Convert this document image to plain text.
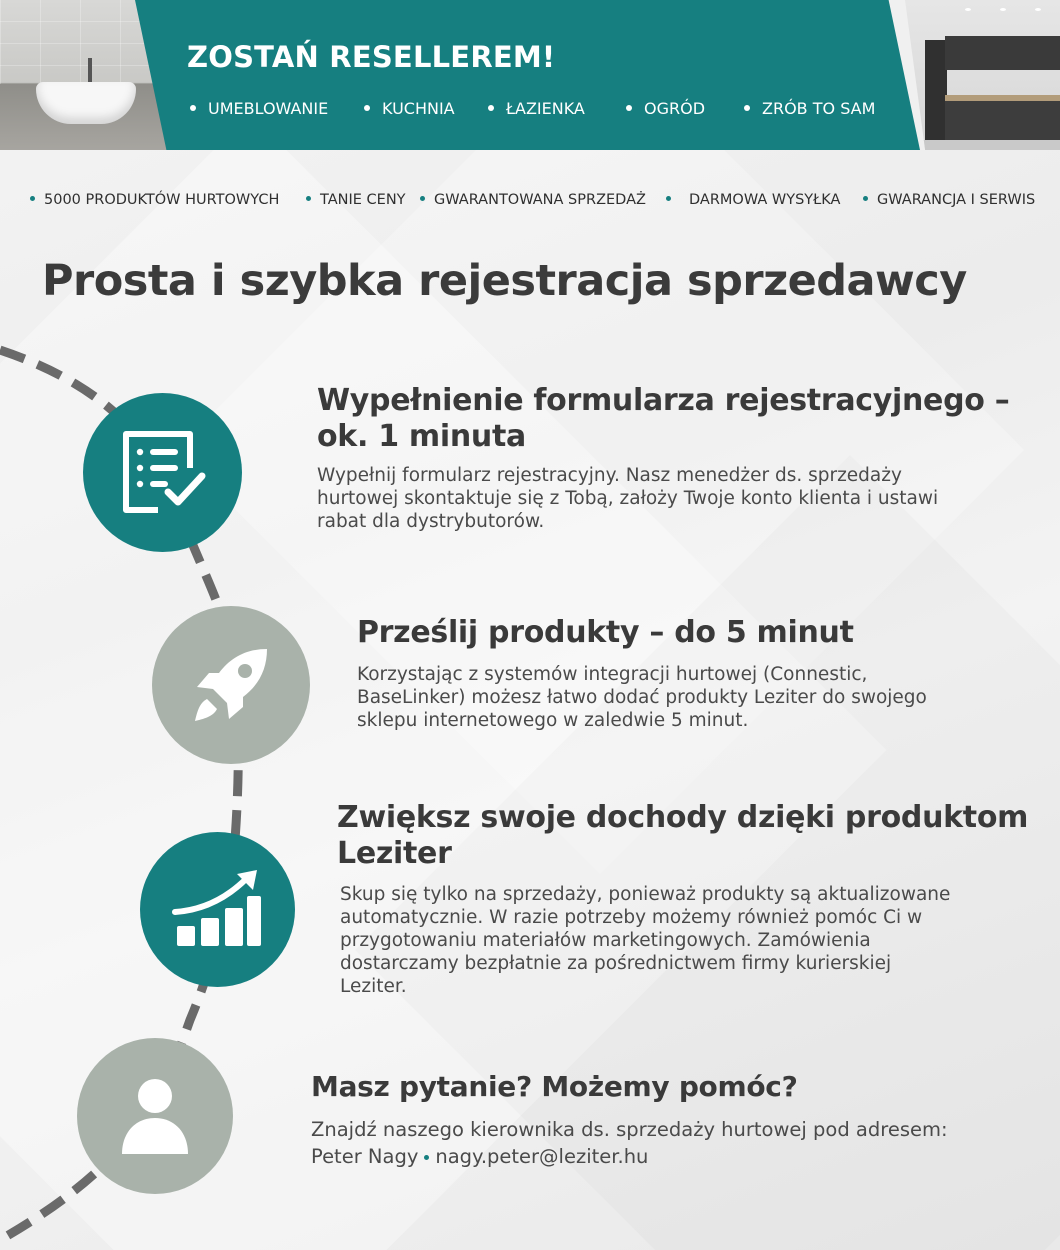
ZOSTAŃ RESELLEREM!
UMEBLOWANIE	KUCHNIA	ŁAZIENKA	OGRÓD	ZRÓB TO SAM
5000 PRODUKTÓW HURTOWYCH	TANIE CENY	GWARANTOWANA SPRZEDAŻ	DARMOWA WYSYŁKA	GWARANCJA I SERWIS
Prosta i szybka rejestracja sprzedawcy
Wypełnienie formularza rejestracyjnego –
ok. 1 minuta
Wypełnij formularz rejestracyjny. Nasz menedżer ds. sprzedaży
hurtowej skontaktuje się z Tobą, założy Twoje konto klienta i ustawi
rabat dla dystrybutorów.
Prześlij produkty – do 5 minut
Korzystając z systemów integracji hurtowej (Connestic,
BaseLinker) możesz łatwo dodać produkty Leziter do swojego
sklepu internetowego w zaledwie 5 minut.
Zwiększ swoje dochody dzięki produktom
Leziter
Skup się tylko na sprzedaży, ponieważ produkty są aktualizowane
automatycznie. W razie potrzeby możemy również pomóc Ci w
przygotowaniu materiałów marketingowych. Zamówienia
dostarczamy bezpłatnie za pośrednictwem firmy kurierskiej
Leziter.
Masz pytanie? Możemy pomóc?
Znajdź naszego kierownika ds. sprzedaży hurtowej pod adresem:
Peter Nagy nagy.peter@leziter.hu
